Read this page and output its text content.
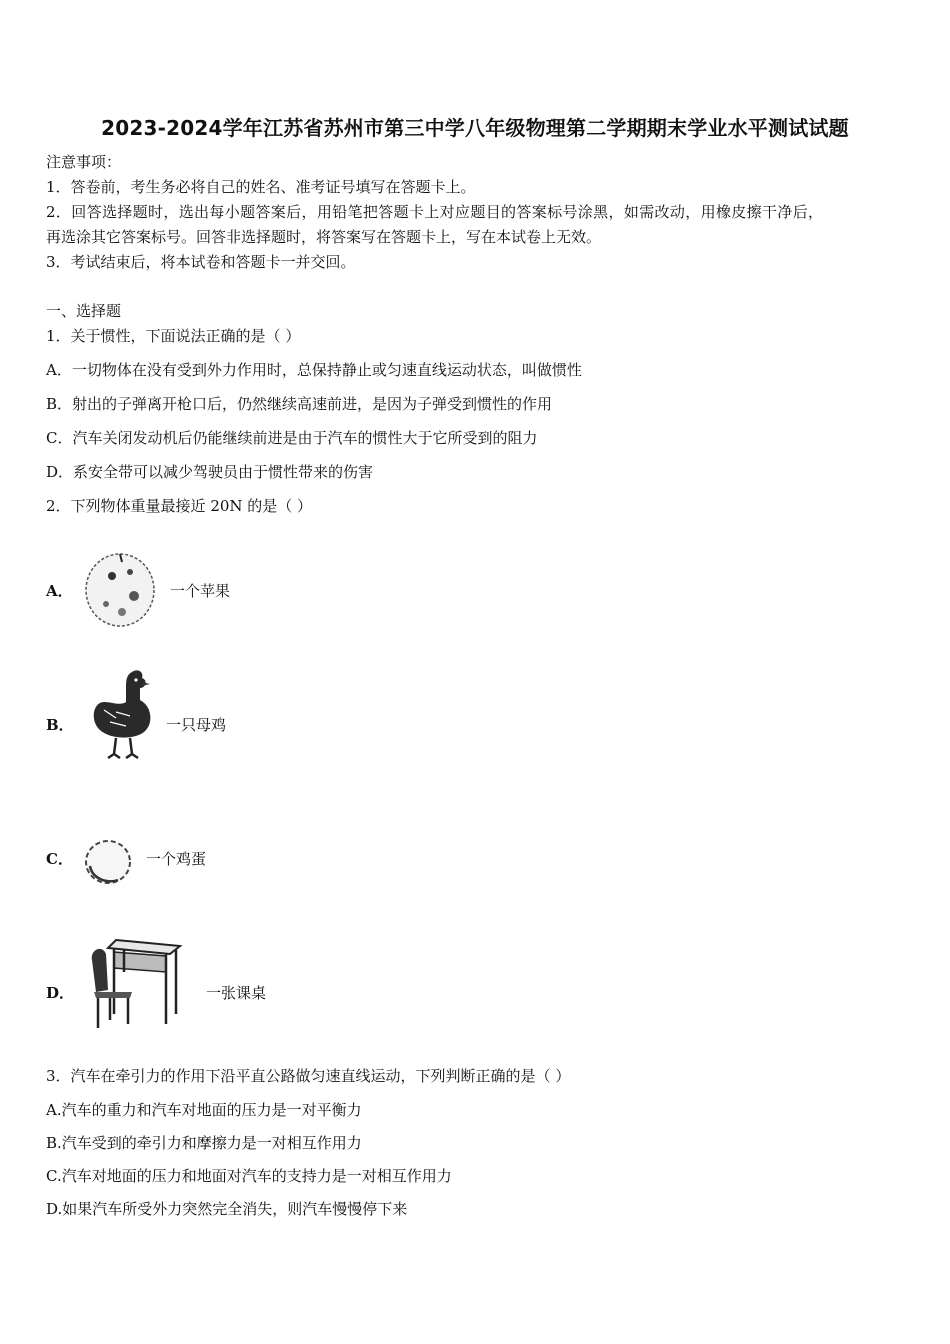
2023-2024学年江苏省苏州市第三中学八年级物理第二学期期末学业水平测试试题
注意事项：
1．答卷前，考生务必将自己的姓名、准考证号填写在答题卡上。
2．回答选择题时，选出每小题答案后，用铅笔把答题卡上对应题目的答案标号涂黑，如需改动，用橡皮擦干净后，
再选涂其它答案标号。回答非选择题时，将答案写在答题卡上，写在本试卷上无效。
3．考试结束后，将本试卷和答题卡一并交回。
一、选择题
1．关于惯性，下面说法正确的是（ ）
A．一切物体在没有受到外力作用时，总保持静止或匀速直线运动状态，叫做惯性
B．射出的子弹离开枪口后，仍然继续高速前进，是因为子弹受到惯性的作用
C．汽车关闭发动机后仍能继续前进是由于汽车的惯性大于它所受到的阻力
D．系安全带可以减少驾驶员由于惯性带来的伤害
2．下列物体重量最接近 20N 的是（ ）
A．	一个苹果
B．	一只母鸡
C．	一个鸡蛋
D．	一张课桌
3．汽车在牵引力的作用下沿平直公路做匀速直线运动，下列判断正确的是（ ）
A.汽车的重力和汽车对地面的压力是一对平衡力
B.汽车受到的牵引力和摩擦力是一对相互作用力
C.汽车对地面的压力和地面对汽车的支持力是一对相互作用力
D.如果汽车所受外力突然完全消失，则汽车慢慢停下来
